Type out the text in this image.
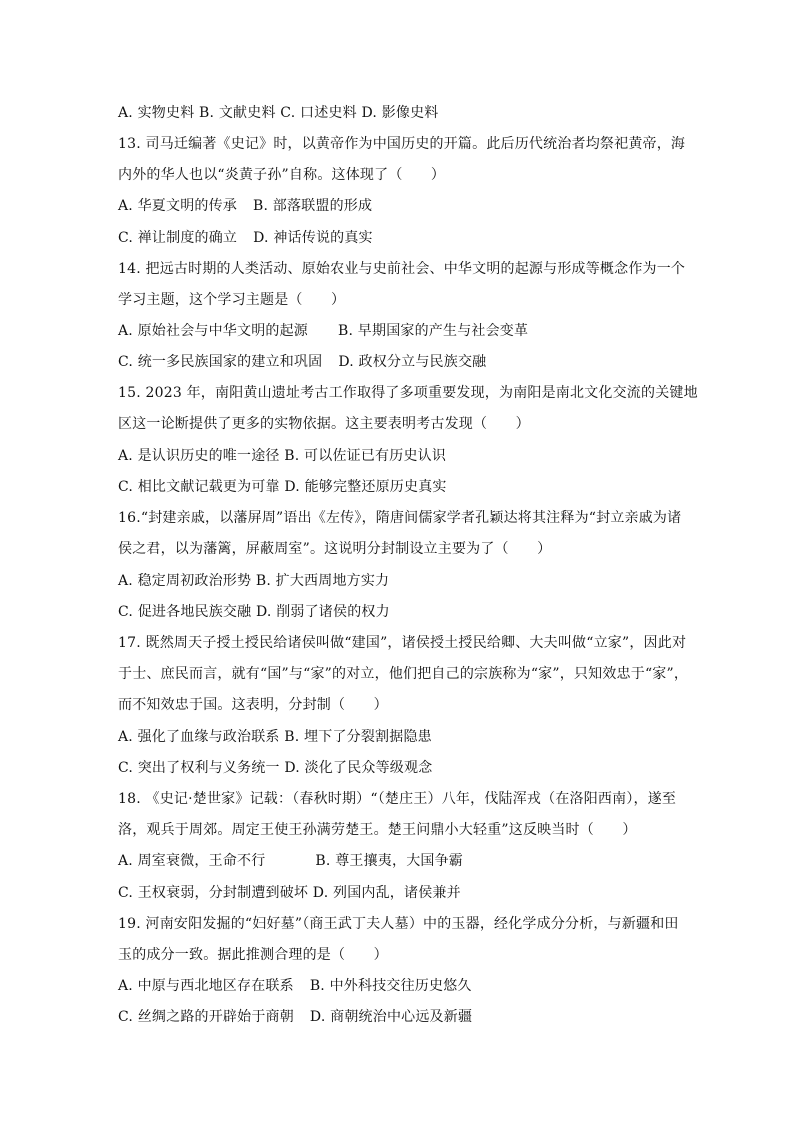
A. 实物史料 B. 文献史料 C. 口述史料 D. 影像史料
13. 司马迁编著《史记》时，以黄帝作为中国历史的开篇。此后历代统治者均祭祀黄帝，海
内外的华人也以“炎黄子孙”自称。这体现了（　　）
A. 华夏文明的传承 B. 部落联盟的形成
C. 禅让制度的确立 D. 神话传说的真实
14. 把远古时期的人类活动、原始农业与史前社会、中华文明的起源与形成等概念作为一个
学习主题，这个学习主题是（　　）
A. 原始社会与中华文明的起源 B. 早期国家的产生与社会变革
C. 统一多民族国家的建立和巩固 D. 政权分立与民族交融
15. 2023 年，南阳黄山遗址考古工作取得了多项重要发现，为南阳是南北文化交流的关键地
区这一论断提供了更多的实物依据。这主要表明考古发现（　　）
A. 是认识历史的唯一途径 B. 可以佐证已有历史认识
C. 相比文献记载更为可靠 D. 能够完整还原历史真实
16.“封建亲戚，以藩屏周”语出《左传》，隋唐间儒家学者孔颖达将其注释为“封立亲戚为诸
侯之君，以为藩篱，屏蔽周室”。这说明分封制设立主要为了（　　）
A. 稳定周初政治形势 B. 扩大西周地方实力
C. 促进各地民族交融 D. 削弱了诸侯的权力
17. 既然周天子授土授民给诸侯叫做“建国”，诸侯授土授民给卿、大夫叫做“立家”，因此对
于士、庶民而言，就有“国”与“家”的对立，他们把自己的宗族称为“家”，只知效忠于“家”，
而不知效忠于国。这表明，分封制（　　）
A. 强化了血缘与政治联系 B. 埋下了分裂割据隐患
C. 突出了权利与义务统一 D. 淡化了民众等级观念
18. 《史记·楚世家》记载：（春秋时期）“（楚庄王）八年，伐陆浑戎（在洛阳西南），遂至
洛，观兵于周郊。周定王使王孙满劳楚王。楚王问鼎小大轻重”这反映当时（　　）
A. 周室衰微，王命不行	B. 尊王攘夷，大国争霸
C. 王权衰弱，分封制遭到破坏 D. 列国内乱，诸侯兼并
19. 河南安阳发掘的“妇好墓”（商王武丁夫人墓）中的玉器，经化学成分分析，与新疆和田
玉的成分一致。据此推测合理的是（　　）
A. 中原与西北地区存在联系 B. 中外科技交往历史悠久
C. 丝绸之路的开辟始于商朝 D. 商朝统治中心远及新疆
